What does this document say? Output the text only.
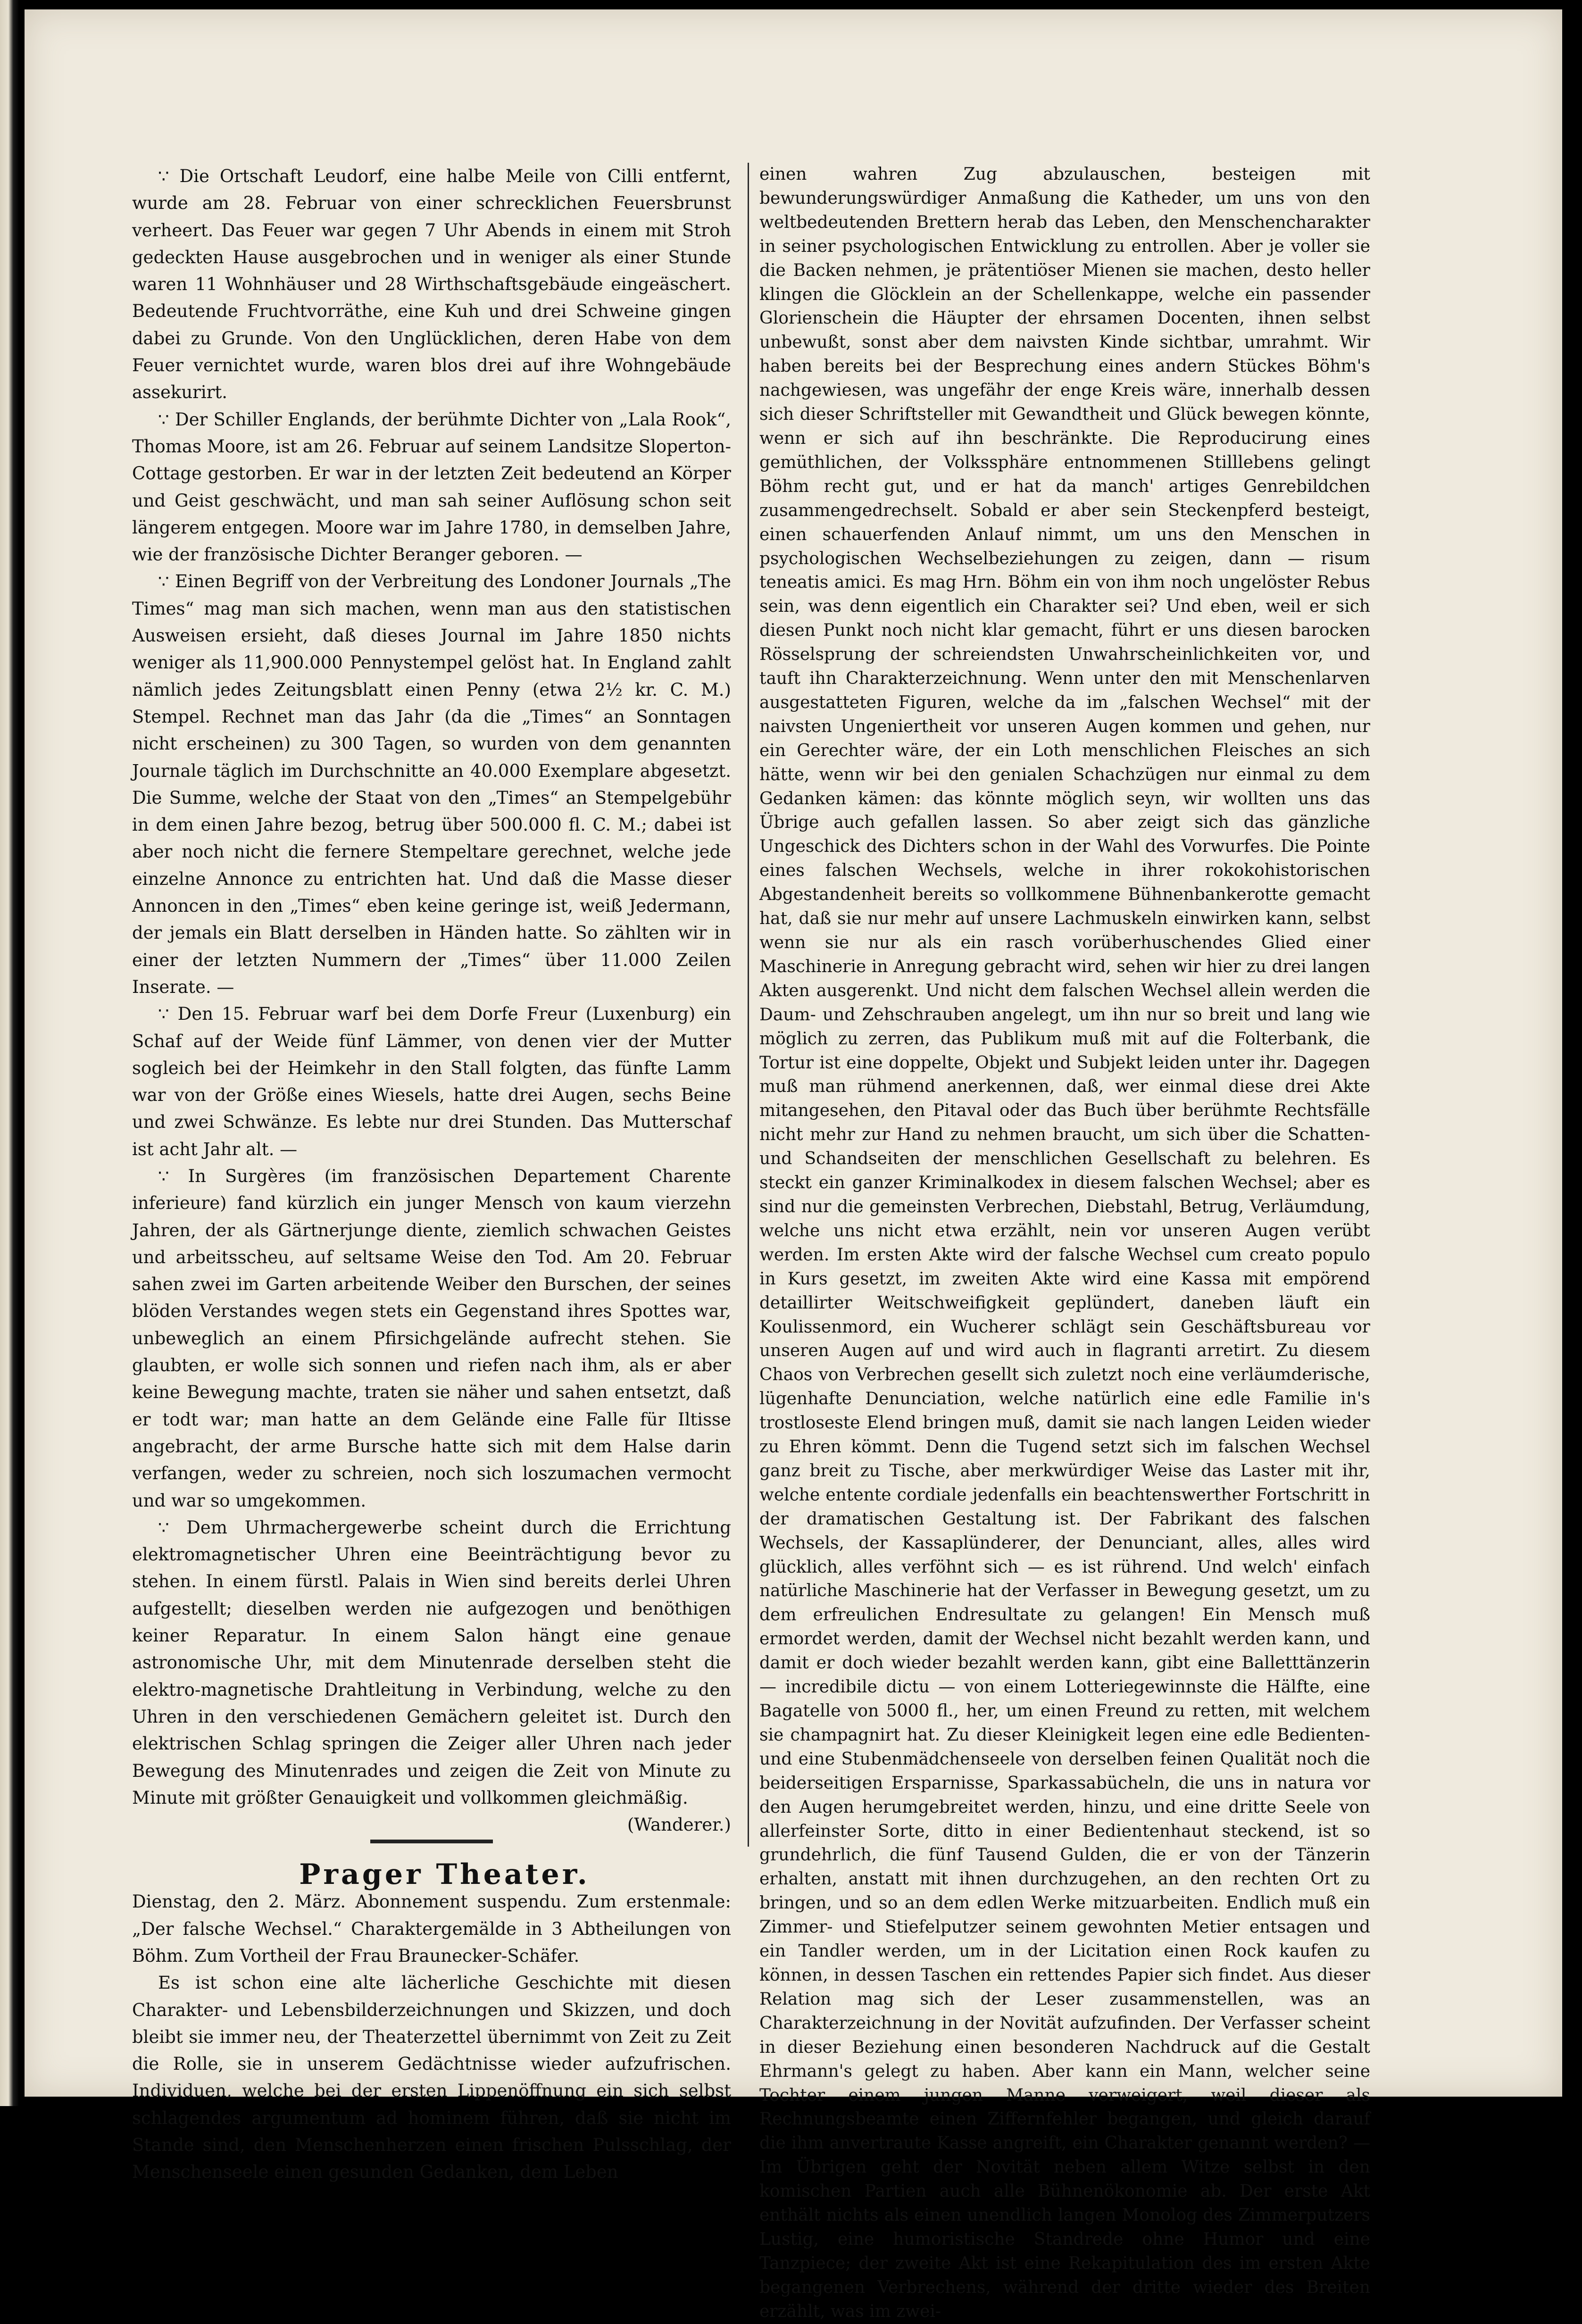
∵ Die Ortschaft Leudorf, eine halbe Meile von Cilli entfernt, wurde am 28. Februar von einer schrecklichen Feuersbrunst verheert. Das Feuer war gegen 7 Uhr Abends in einem mit Stroh gedeckten Hause ausgebrochen und in weniger als einer Stunde waren 11 Wohnhäuser und 28 Wirthschaftsgebäude eingeäschert. Bedeutende Fruchtvorräthe, eine Kuh und drei Schweine gingen dabei zu Grunde. Von den Unglücklichen, deren Habe von dem Feuer vernichtet wurde, waren blos drei auf ihre Wohngebäude assekurirt.

∵ Der Schiller Englands, der berühmte Dichter von „Lala Rook“, Thomas Moore, ist am 26. Februar auf seinem Landsitze Sloperton-Cottage gestorben. Er war in der letzten Zeit bedeutend an Körper und Geist geschwächt, und man sah seiner Auflösung schon seit längerem entgegen. Moore war im Jahre 1780, in demselben Jahre, wie der französische Dichter Beranger geboren. —

∵ Einen Begriff von der Verbreitung des Londoner Journals „The Times“ mag man sich machen, wenn man aus den statistischen Ausweisen ersieht, daß dieses Journal im Jahre 1850 nichts weniger als 11,900.000 Pennystempel gelöst hat. In England zahlt nämlich jedes Zeitungsblatt einen Penny (etwa 2½ kr. C. M.) Stempel. Rechnet man das Jahr (da die „Times“ an Sonntagen nicht erscheinen) zu 300 Tagen, so wurden von dem genannten Journale täglich im Durchschnitte an 40.000 Exemplare abgesetzt. Die Summe, welche der Staat von den „Times“ an Stempelgebühr in dem einen Jahre bezog, betrug über 500.000 fl. C. M.; dabei ist aber noch nicht die fernere Stempeltare gerechnet, welche jede einzelne Annonce zu entrichten hat. Und daß die Masse dieser Annoncen in den „Times“ eben keine geringe ist, weiß Jedermann, der jemals ein Blatt derselben in Händen hatte. So zählten wir in einer der letzten Nummern der „Times“ über 11.000 Zeilen Inserate. —

∵ Den 15. Februar warf bei dem Dorfe Freur (Luxenburg) ein Schaf auf der Weide fünf Lämmer, von denen vier der Mutter sogleich bei der Heimkehr in den Stall folgten, das fünfte Lamm war von der Größe eines Wiesels, hatte drei Augen, sechs Beine und zwei Schwänze. Es lebte nur drei Stunden. Das Mutterschaf ist acht Jahr alt. —

∵ In Surgères (im französischen Departement Charente inferieure) fand kürzlich ein junger Mensch von kaum vierzehn Jahren, der als Gärtnerjunge diente, ziemlich schwachen Geistes und arbeitsscheu, auf seltsame Weise den Tod. Am 20. Februar sahen zwei im Garten arbeitende Weiber den Burschen, der seines blöden Verstandes wegen stets ein Gegenstand ihres Spottes war, unbeweglich an einem Pfirsichgelände aufrecht stehen. Sie glaubten, er wolle sich sonnen und riefen nach ihm, als er aber keine Bewegung machte, traten sie näher und sahen entsetzt, daß er todt war; man hatte an dem Gelände eine Falle für Iltisse angebracht, der arme Bursche hatte sich mit dem Halse darin verfangen, weder zu schreien, noch sich loszumachen vermocht und war so umgekommen.

∵ Dem Uhrmachergewerbe scheint durch die Errichtung elektromagnetischer Uhren eine Beeinträchtigung bevor zu stehen. In einem fürstl. Palais in Wien sind bereits derlei Uhren aufgestellt; dieselben werden nie aufgezogen und benöthigen keiner Reparatur. In einem Salon hängt eine genaue astronomische Uhr, mit dem Minutenrade derselben steht die elektro-magnetische Drahtleitung in Verbindung, welche zu den Uhren in den verschiedenen Gemächern geleitet ist. Durch den elektrischen Schlag springen die Zeiger aller Uhren nach jeder Bewegung des Minutenrades und zeigen die Zeit von Minute zu Minute mit größter Genauigkeit und vollkommen gleichmäßig.
(Wanderer.)

Prager Theater.

Dienstag, den 2. März. Abonnement suspendu. Zum erstenmale: „Der falsche Wechsel.“ Charaktergemälde in 3 Abtheilungen von Böhm. Zum Vortheil der Frau Braunecker-Schäfer.

Es ist schon eine alte lächerliche Geschichte mit diesen Charakter- und Lebensbilderzeichnungen und Skizzen, und doch bleibt sie immer neu, der Theaterzettel übernimmt von Zeit zu Zeit die Rolle, sie in unserem Gedächtnisse wieder aufzufrischen. Individuen, welche bei der ersten Lippenöffnung ein sich selbst schlagendes argumentum ad hominem führen, daß sie nicht im Stande sind, den Menschenherzen einen frischen Pulsschlag, der Menschenseele einen gesunden Gedanken, dem Leben

einen wahren Zug abzulauschen, besteigen mit bewunderungswürdiger Anmaßung die Katheder, um uns von den weltbedeutenden Brettern herab das Leben, den Menschencharakter in seiner psychologischen Entwicklung zu entrollen. Aber je voller sie die Backen nehmen, je prätentiöser Mienen sie machen, desto heller klingen die Glöcklein an der Schellenkappe, welche ein passender Glorienschein die Häupter der ehrsamen Docenten, ihnen selbst unbewußt, sonst aber dem naivsten Kinde sichtbar, umrahmt. Wir haben bereits bei der Besprechung eines andern Stückes Böhm's nachgewiesen, was ungefähr der enge Kreis wäre, innerhalb dessen sich dieser Schriftsteller mit Gewandtheit und Glück bewegen könnte, wenn er sich auf ihn beschränkte. Die Reproducirung eines gemüthlichen, der Volkssphäre entnommenen Stilllebens gelingt Böhm recht gut, und er hat da manch' artiges Genrebildchen zusammengedrechselt. Sobald er aber sein Steckenpferd besteigt, einen schauerfenden Anlauf nimmt, um uns den Menschen in psychologischen Wechselbeziehungen zu zeigen, dann — risum teneatis amici. Es mag Hrn. Böhm ein von ihm noch ungelöster Rebus sein, was denn eigentlich ein Charakter sei? Und eben, weil er sich diesen Punkt noch nicht klar gemacht, führt er uns diesen barocken Rösselsprung der schreiendsten Unwahrscheinlichkeiten vor, und tauft ihn Charakterzeichnung. Wenn unter den mit Menschenlarven ausgestatteten Figuren, welche da im „falschen Wechsel“ mit der naivsten Ungeniertheit vor unseren Augen kommen und gehen, nur ein Gerechter wäre, der ein Loth menschlichen Fleisches an sich hätte, wenn wir bei den genialen Schachzügen nur einmal zu dem Gedanken kämen: das könnte möglich seyn, wir wollten uns das Übrige auch gefallen lassen. So aber zeigt sich das gänzliche Ungeschick des Dichters schon in der Wahl des Vorwurfes. Die Pointe eines falschen Wechsels, welche in ihrer rokokohistorischen Abgestandenheit bereits so vollkommene Bühnenbankerotte gemacht hat, daß sie nur mehr auf unsere Lachmuskeln einwirken kann, selbst wenn sie nur als ein rasch vorüberhuschendes Glied einer Maschinerie in Anregung gebracht wird, sehen wir hier zu drei langen Akten ausgerenkt. Und nicht dem falschen Wechsel allein werden die Daum- und Zehschrauben angelegt, um ihn nur so breit und lang wie möglich zu zerren, das Publikum muß mit auf die Folterbank, die Tortur ist eine doppelte, Objekt und Subjekt leiden unter ihr. Dagegen muß man rühmend anerkennen, daß, wer einmal diese drei Akte mitangesehen, den Pitaval oder das Buch über berühmte Rechtsfälle nicht mehr zur Hand zu nehmen braucht, um sich über die Schatten- und Schandseiten der menschlichen Gesellschaft zu belehren. Es steckt ein ganzer Kriminalkodex in diesem falschen Wechsel; aber es sind nur die gemeinsten Verbrechen, Diebstahl, Betrug, Verläumdung, welche uns nicht etwa erzählt, nein vor unseren Augen verübt werden. Im ersten Akte wird der falsche Wechsel cum creato populo in Kurs gesetzt, im zweiten Akte wird eine Kassa mit empörend detaillirter Weitschweifigkeit geplündert, daneben läuft ein Koulissenmord, ein Wucherer schlägt sein Geschäftsbureau vor unseren Augen auf und wird auch in flagranti arretirt. Zu diesem Chaos von Verbrechen gesellt sich zuletzt noch eine verläumderische, lügenhafte Denunciation, welche natürlich eine edle Familie in's trostloseste Elend bringen muß, damit sie nach langen Leiden wieder zu Ehren kömmt. Denn die Tugend setzt sich im falschen Wechsel ganz breit zu Tische, aber merkwürdiger Weise das Laster mit ihr, welche entente cordiale jedenfalls ein beachtenswerther Fortschritt in der dramatischen Gestaltung ist. Der Fabrikant des falschen Wechsels, der Kassaplünderer, der Denunciant, alles, alles wird glücklich, alles verföhnt sich — es ist rührend. Und welch' einfach natürliche Maschinerie hat der Verfasser in Bewegung gesetzt, um zu dem erfreulichen Endresultate zu gelangen! Ein Mensch muß ermordet werden, damit der Wechsel nicht bezahlt werden kann, und damit er doch wieder bezahlt werden kann, gibt eine Balletttänzerin — incredibile dictu — von einem Lotteriegewinnste die Hälfte, eine Bagatelle von 5000 fl., her, um einen Freund zu retten, mit welchem sie champagnirt hat. Zu dieser Kleinigkeit legen eine edle Bedienten- und eine Stubenmädchenseele von derselben feinen Qualität noch die beiderseitigen Ersparnisse, Sparkassabücheln, die uns in natura vor den Augen herumgebreitet werden, hinzu, und eine dritte Seele von allerfeinster Sorte, ditto in einer Bedientenhaut steckend, ist so grundehrlich, die fünf Tausend Gulden, die er von der Tänzerin erhalten, anstatt mit ihnen durchzugehen, an den rechten Ort zu bringen, und so an dem edlen Werke mitzuarbeiten. Endlich muß ein Zimmer- und Stiefelputzer seinem gewohnten Metier entsagen und ein Tandler werden, um in der Licitation einen Rock kaufen zu können, in dessen Taschen ein rettendes Papier sich findet. Aus dieser Relation mag sich der Leser zusammenstellen, was an Charakterzeichnung in der Novität aufzufinden. Der Verfasser scheint in dieser Beziehung einen besonderen Nachdruck auf die Gestalt Ehrmann's gelegt zu haben. Aber kann ein Mann, welcher seine Tochter einem jungen Manne verweigert, weil dieser als Rechnungsbeamte einen Ziffernfehler begangen, und gleich darauf die ihm anvertraute Kasse angreift, ein Charakter genannt werden? — Im Übrigen geht der Novität neben allem Witze selbst in den komischen Partien auch alle Bühnenökonomie ab. Der erste Akt enthält nichts als einen unendlich langen Monolog des Zimmerputzers Lustig, eine humoristische Standrede ohne Humor und eine Tanzpiece; der zweite Akt ist eine Rekapitulation des im ersten Akte begangenen Verbrechens, während der dritte wieder des Breiten erzählt, was im zwei-
